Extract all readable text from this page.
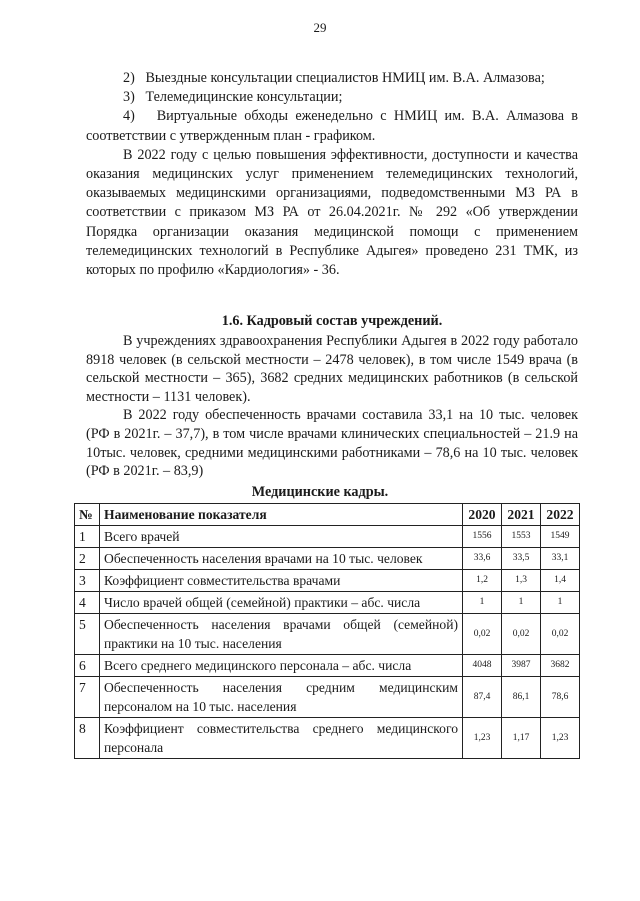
29

2) Выездные консультации специалистов НМИЦ им. В.А. Алмазова;

3) Телемедицинские консультации;

4) Виртуальные обходы еженедельно с НМИЦ им. В.А. Алмазова в соответствии с утвержденным план - графиком.

В 2022 году с целью повышения эффективности, доступности и качества оказания медицинских услуг применением телемедицинских технологий, оказываемых медицинскими организациями, подведомственными МЗ РА в соответствии с приказом МЗ РА от 26.04.2021г. № 292 «Об утверждении Порядка организации оказания медицинской помощи с применением телемедицинских технологий в Республике Адыгея» проведено 231 ТМК, из которых по профилю «Кардиология» - 36.

1.6. Кадровый состав учреждений.

В учреждениях здравоохранения Республики Адыгея в 2022 году работало 8918 человек (в сельской местности – 2478 человек), в том числе 1549 врача (в сельской местности – 365), 3682 средних медицинских работников (в сельской местности – 1131 человек).

В 2022 году обеспеченность врачами составила 33,1 на 10 тыс. человек (РФ в 2021г. – 37,7), в том числе врачами клинических специальностей – 21.9 на 10тыс. человек, средними медицинскими работниками – 78,6 на 10 тыс. человек (РФ в 2021г. – 83,9)

Медицинские кадры.
№	Наименование показателя	2020	2021	2022
1	Всего врачей	1556	1553	1549
2	Обеспеченность населения врачами на 10 тыс. человек	33,6	33,5	33,1
3	Коэффициент совместительства врачами	1,2	1,3	1,4
4	Число врачей общей (семейной) практики – абс. числа	1	1	1
5	Обеспеченность населения врачами общей (семейной) практики на 10 тыс. населения	0,02	0,02	0,02
6	Всего среднего медицинского персонала – абс. числа	4048	3987	3682
7	Обеспеченность населения средним медицинским персоналом на 10 тыс. населения	87,4	86,1	78,6
8	Коэффициент совместительства среднего медицинского персонала	1,23	1,17	1,23
